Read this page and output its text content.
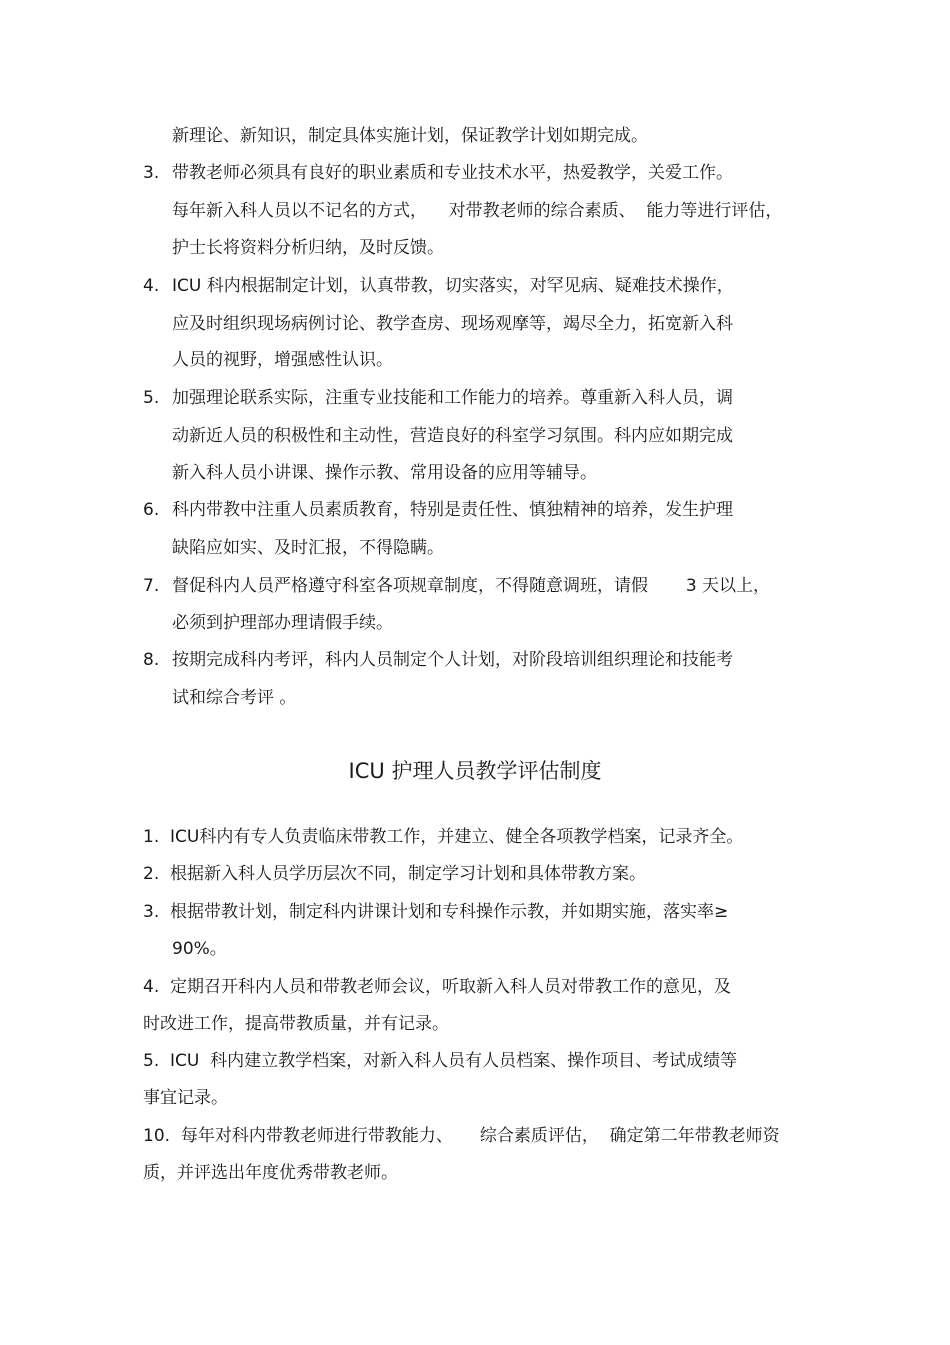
新理论、新知识，制定具体实施计划，保证教学计划如期完成。
3. 带教老师必须具有良好的职业素质和专业技术水平，热爱教学，关爱工作。
每年新入科人员以不记名的方式，    对带教老师的综合素质、  能力等进行评估，
护士长将资料分析归纳，及时反馈。
4. ICU 科内根据制定计划，认真带教，切实落实，对罕见病、疑难技术操作，
应及时组织现场病例讨论、教学查房、现场观摩等，竭尽全力，拓宽新入科
人员的视野，增强感性认识。
5. 加强理论联系实际，注重专业技能和工作能力的培养。尊重新入科人员，调
动新近人员的积极性和主动性，营造良好的科室学习氛围。科内应如期完成
新入科人员小讲课、操作示教、常用设备的应用等辅导。
6. 科内带教中注重人员素质教育，特别是责任性、慎独精神的培养，发生护理
缺陷应如实、及时汇报，不得隐瞒。
7. 督促科内人员严格遵守科室各项规章制度，不得随意调班，请假       3 天以上，
必须到护理部办理请假手续。
8. 按期完成科内考评，科内人员制定个人计划，对阶段培训组织理论和技能考
试和综合考评 。
ICU 护理人员教学评估制度
1.  ICU科内有专人负责临床带教工作，并建立、健全各项教学档案，记录齐全。
2.  根据新入科人员学历层次不同，制定学习计划和具体带教方案。
3.  根据带教计划，制定科内讲课计划和专科操作示教，并如期实施，落实率≥
90%。
4.  定期召开科内人员和带教老师会议，听取新入科人员对带教工作的意见，及
时改进工作，提高带教质量，并有记录。
5.  ICU  科内建立教学档案，对新入科人员有人员档案、操作项目、考试成绩等
事宜记录。
10.  每年对科内带教老师进行带教能力、     综合素质评估，  确定第二年带教老师资
质，并评选出年度优秀带教老师。
